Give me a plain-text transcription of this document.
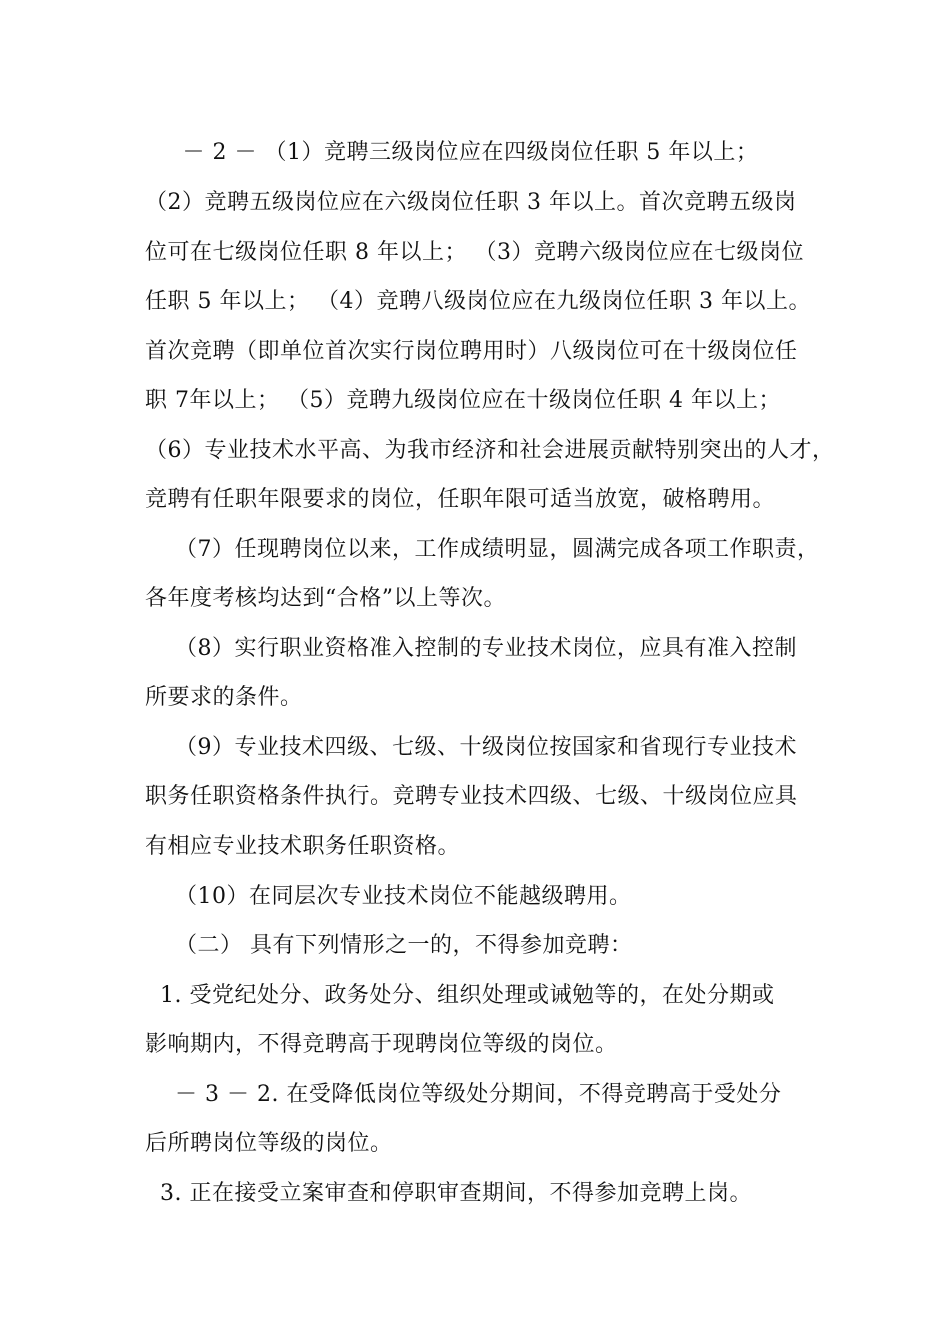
－ 2 － （1）竞聘三级岗位应在四级岗位任职 5 年以上；
（2）竞聘五级岗位应在六级岗位任职 3 年以上。首次竞聘五级岗
位可在七级岗位任职 8 年以上； （3）竞聘六级岗位应在七级岗位
任职 5 年以上； （4）竞聘八级岗位应在九级岗位任职 3 年以上。
首次竞聘（即单位首次实行岗位聘用时）八级岗位可在十级岗位任
职 7年以上； （5）竞聘九级岗位应在十级岗位任职 4 年以上；
（6）专业技术水平高、为我市经济和社会进展贡献特别突出的人才，
竞聘有任职年限要求的岗位，任职年限可适当放宽，破格聘用。
（7）任现聘岗位以来，工作成绩明显，圆满完成各项工作职责，
各年度考核均达到“合格”以上等次。
（8）实行职业资格准入控制的专业技术岗位，应具有准入控制
所要求的条件。
（9）专业技术四级、七级、十级岗位按国家和省现行专业技术
职务任职资格条件执行。竞聘专业技术四级、七级、十级岗位应具
有相应专业技术职务任职资格。
（10）在同层次专业技术岗位不能越级聘用。
（二） 具有下列情形之一的，不得参加竞聘：
1. 受党纪处分、政务处分、组织处理或诫勉等的，在处分期或
影响期内，不得竞聘高于现聘岗位等级的岗位。
－ 3 － 2. 在受降低岗位等级处分期间，不得竞聘高于受处分
后所聘岗位等级的岗位。
3. 正在接受立案审查和停职审查期间，不得参加竞聘上岗。
